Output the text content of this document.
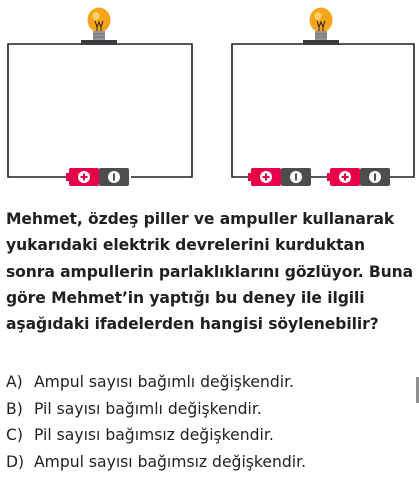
Mehmet, özdeş piller ve ampuller kullanarak yukarıdaki elektrik devrelerini kurduktan sonra ampullerin parlaklıklarını gözlüyor. Buna göre Mehmet’in yaptığı bu deney ile ilgili aşağıdaki ifadelerden hangisi söylenebilir?

A) Ampul sayısı bağımlı değişkendir.
B) Pil sayısı bağımlı değişkendir.
C) Pil sayısı bağımsız değişkendir.
D) Ampul sayısı bağımsız değişkendir.
